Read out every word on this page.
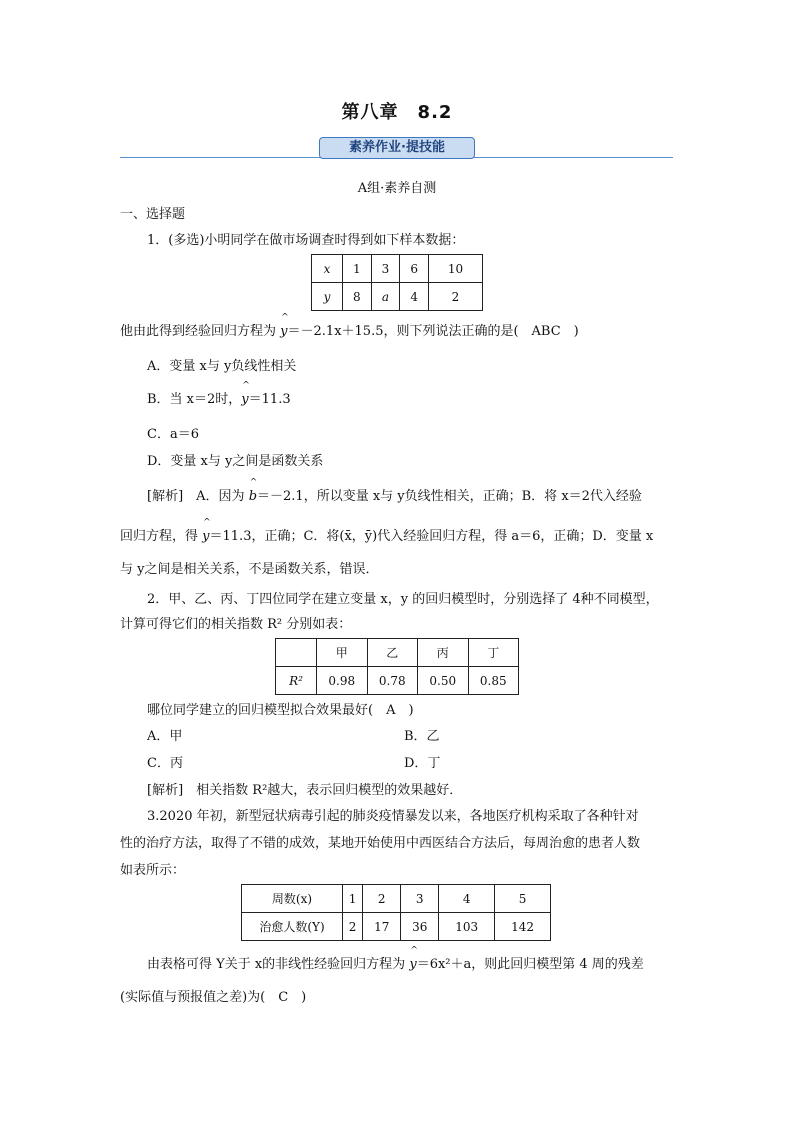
第八章　8.2
素养作业·提技能
A组·素养自测
一、选择题
1．(多选)小明同学在做市场调查时得到如下样本数据：
x	1	3	6	10
y	8	a	4	2
他由此得到经验回归方程为 ^ y＝－2.1x＋15.5，则下列说法正确的是(　ABC　)
A．变量 x与 y负线性相关
B．当 x＝2时，^ y＝11.3
C．a＝6
D．变量 x与 y之间是函数关系
[解析]　A．因为 ^ b＝－2.1，所以变量 x与 y负线性相关，正确；B．将 x＝2代入经验
回归方程，得 ^ y＝11.3，正确；C．将(x̄，ȳ)代入经验回归方程，得 a＝6，正确；D．变量 x
与 y之间是相关关系，不是函数关系，错误．
2．甲、乙、丙、丁四位同学在建立变量 x，y 的回归模型时，分别选择了 4种不同模型，
计算可得它们的相关指数 R² 分别如表：
	甲	乙	丙	丁
R²	0.98	0.78	0.50	0.85
哪位同学建立的回归模型拟合效果最好(　A　)
A．甲	B．乙
C．丙	D．丁
[解析]　相关指数 R²越大，表示回归模型的效果越好．
3.2020 年初，新型冠状病毒引起的肺炎疫情暴发以来，各地医疗机构采取了各种针对
性的治疗方法，取得了不错的成效，某地开始使用中西医结合方法后，每周治愈的患者人数
如表所示：
周数(x)	1	2	3	4	5
治愈人数(Y)	2	17	36	103	142
由表格可得 Y关于 x的非线性经验回归方程为 ^ y＝6x²＋a，则此回归模型第 4 周的残差
(实际值与预报值之差)为(　C　)
